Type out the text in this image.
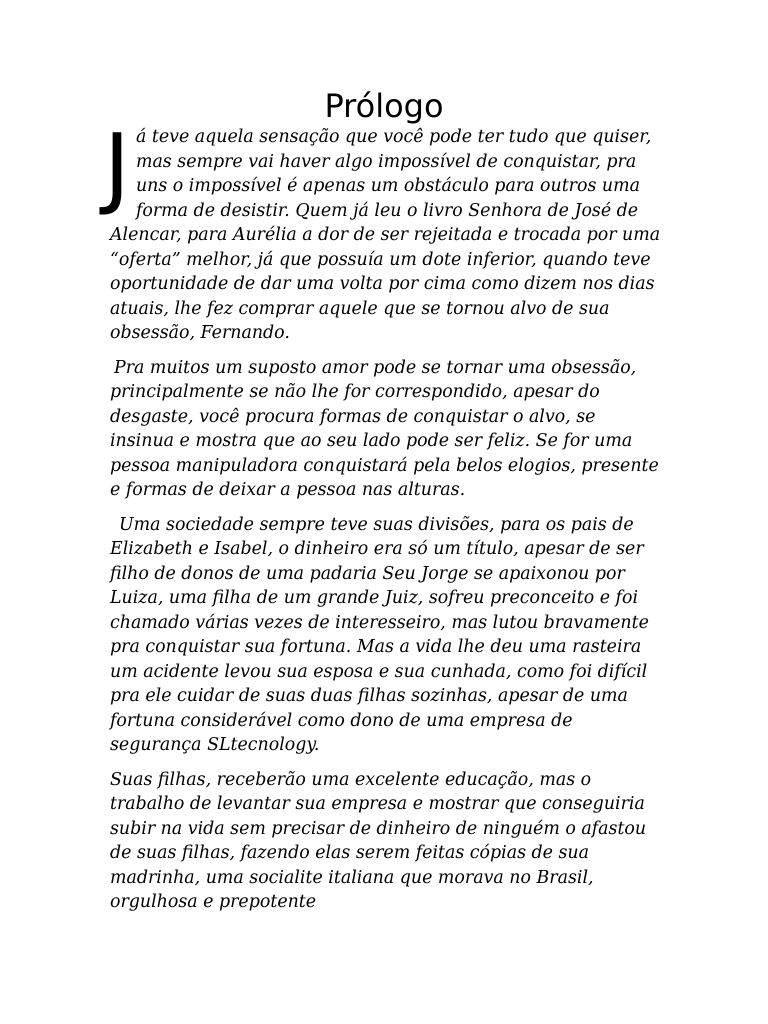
Prólogo

J á teve aquela sensação que você pode ter tudo que quiser, mas sempre vai haver algo impossível de conquistar, pra uns o impossível é apenas um obstáculo para outros uma forma de desistir. Quem já leu o livro Senhora de José de Alencar, para Aurélia a dor de ser rejeitada e trocada por uma “oferta” melhor, já que possuía um dote inferior, quando teve oportunidade de dar uma volta por cima como dizem nos dias atuais, lhe fez comprar aquele que se tornou alvo de sua obsessão, Fernando.

Pra muitos um suposto amor pode se tornar uma obsessão, principalmente se não lhe for correspondido, apesar do desgaste, você procura formas de conquistar o alvo, se insinua e mostra que ao seu lado pode ser feliz. Se for uma pessoa manipuladora conquistará pela belos elogios, presente e formas de deixar a pessoa nas alturas.

Uma sociedade sempre teve suas divisões, para os pais de Elizabeth e Isabel, o dinheiro era só um título, apesar de ser filho de donos de uma padaria Seu Jorge se apaixonou por Luiza, uma filha de um grande Juiz, sofreu preconceito e foi chamado várias vezes de interesseiro, mas lutou bravamente pra conquistar sua fortuna. Mas a vida lhe deu uma rasteira um acidente levou sua esposa e sua cunhada, como foi difícil pra ele cuidar de suas duas filhas sozinhas, apesar de uma fortuna considerável como dono de uma empresa de segurança SLtecnology.

Suas filhas, receberão uma excelente educação, mas o trabalho de levantar sua empresa e mostrar que conseguiria subir na vida sem precisar de dinheiro de ninguém o afastou de suas filhas, fazendo elas serem feitas cópias de sua madrinha, uma socialite italiana que morava no Brasil, orgulhosa e prepotente
